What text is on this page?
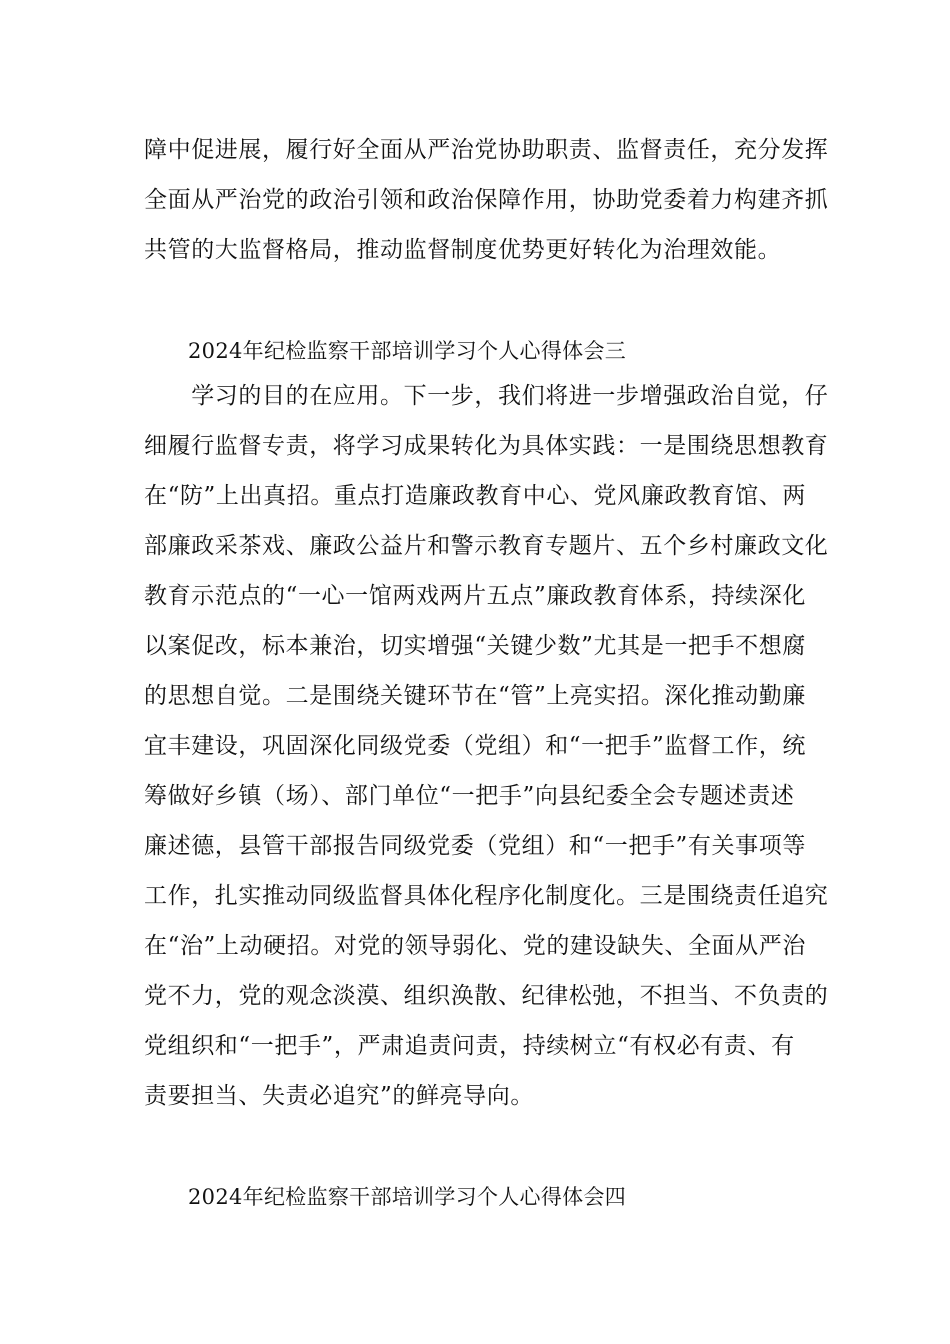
障中促进展，履行好全面从严治党协助职责、监督责任，充分发挥
全面从严治党的政治引领和政治保障作用，协助党委着力构建齐抓
共管的大监督格局，推动监督制度优势更好转化为治理效能。
2024年纪检监察干部培训学习个人心得体会三
　　学习的目的在应用。下一步，我们将进一步增强政治自觉，仔
细履行监督专责，将学习成果转化为具体实践：一是围绕思想教育
在“防”上出真招。重点打造廉政教育中心、党风廉政教育馆、两
部廉政采茶戏、廉政公益片和警示教育专题片、五个乡村廉政文化
教育示范点的“一心一馆两戏两片五点”廉政教育体系，持续深化
以案促改，标本兼治，切实增强“关键少数”尤其是一把手不想腐
的思想自觉。二是围绕关键环节在“管”上亮实招。深化推动勤廉
宜丰建设，巩固深化同级党委（党组）和“一把手”监督工作，统
筹做好乡镇（场）、部门单位“一把手”向县纪委全会专题述责述
廉述德，县管干部报告同级党委（党组）和“一把手”有关事项等
工作，扎实推动同级监督具体化程序化制度化。三是围绕责任追究
在“治”上动硬招。对党的领导弱化、党的建设缺失、全面从严治
党不力，党的观念淡漠、组织涣散、纪律松弛，不担当、不负责的
党组织和“一把手”，严肃追责问责，持续树立“有权必有责、有
责要担当、失责必追究”的鲜亮导向。
2024年纪检监察干部培训学习个人心得体会四
